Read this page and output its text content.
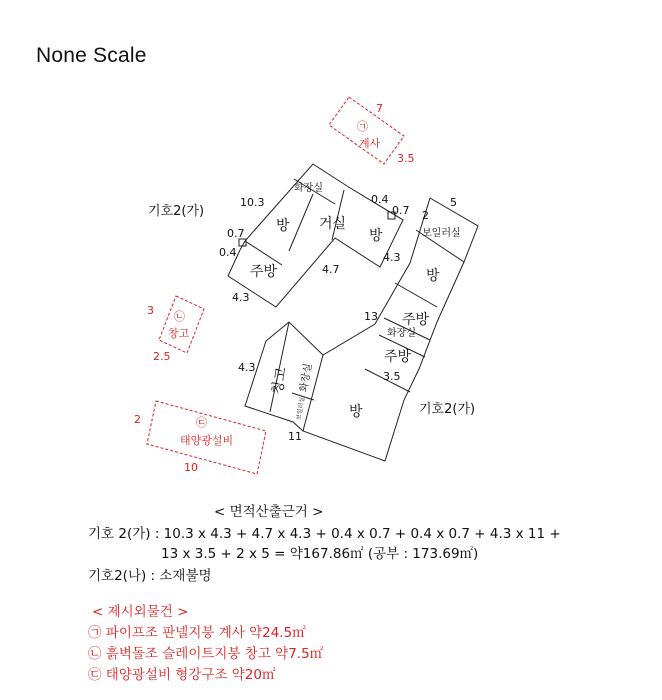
None Scale
7
3.5
㉠
계사
3
2.5
㉡
창고
2
10
㉢
태양광설비
기호2(가)
기호2(가)
화장실
방 거실
방
주방
보일러실
방
주방
화장실
주방
방
창고 화장실
보일러실
10.3
0.7
0.4
4.3
4.7
0.4
0.7
4.3
2
5
13
4.3
3.5
11
< 면적산출근거 >
기호 2(가) : 10.3 x 4.3 + 4.7 x 4.3 + 0.4 x 0.7 + 0.4 x 0.7 + 4.3 x 11 +
13 x 3.5 + 2 x 5 = 약167.86㎡ (공부 : 173.69㎡)
기호2(나) : 소재불명
< 제시외물건 >
㉠ 파이프조 판넬지붕 계사 약24.5㎡
㉡ 흙벽돌조 슬레이트지붕 창고 약7.5㎡
㉢ 태양광설비 형강구조 약20㎡
